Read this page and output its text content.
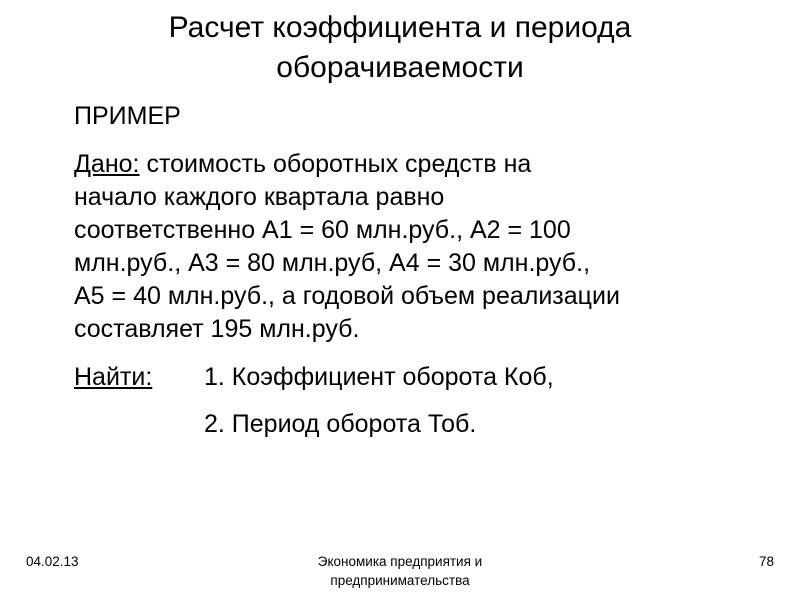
Расчет коэффициента и периода
оборачиваемости

ПРИМЕР

Дано: стоимость оборотных средств на

начало каждого квартала равно

соответственно А1 = 60 млн.руб., А2 = 100

млн.руб., А3 = 80 млн.руб, А4 = 30 млн.руб.,

А5 = 40 млн.руб., а годовой объем реализации

составляет 195 млн.руб.

Найти:	1. Коэффициент оборота Коб,
2. Период оборота Тоб.
04.02.13	Экономика предприятия и
предпринимательства
78
